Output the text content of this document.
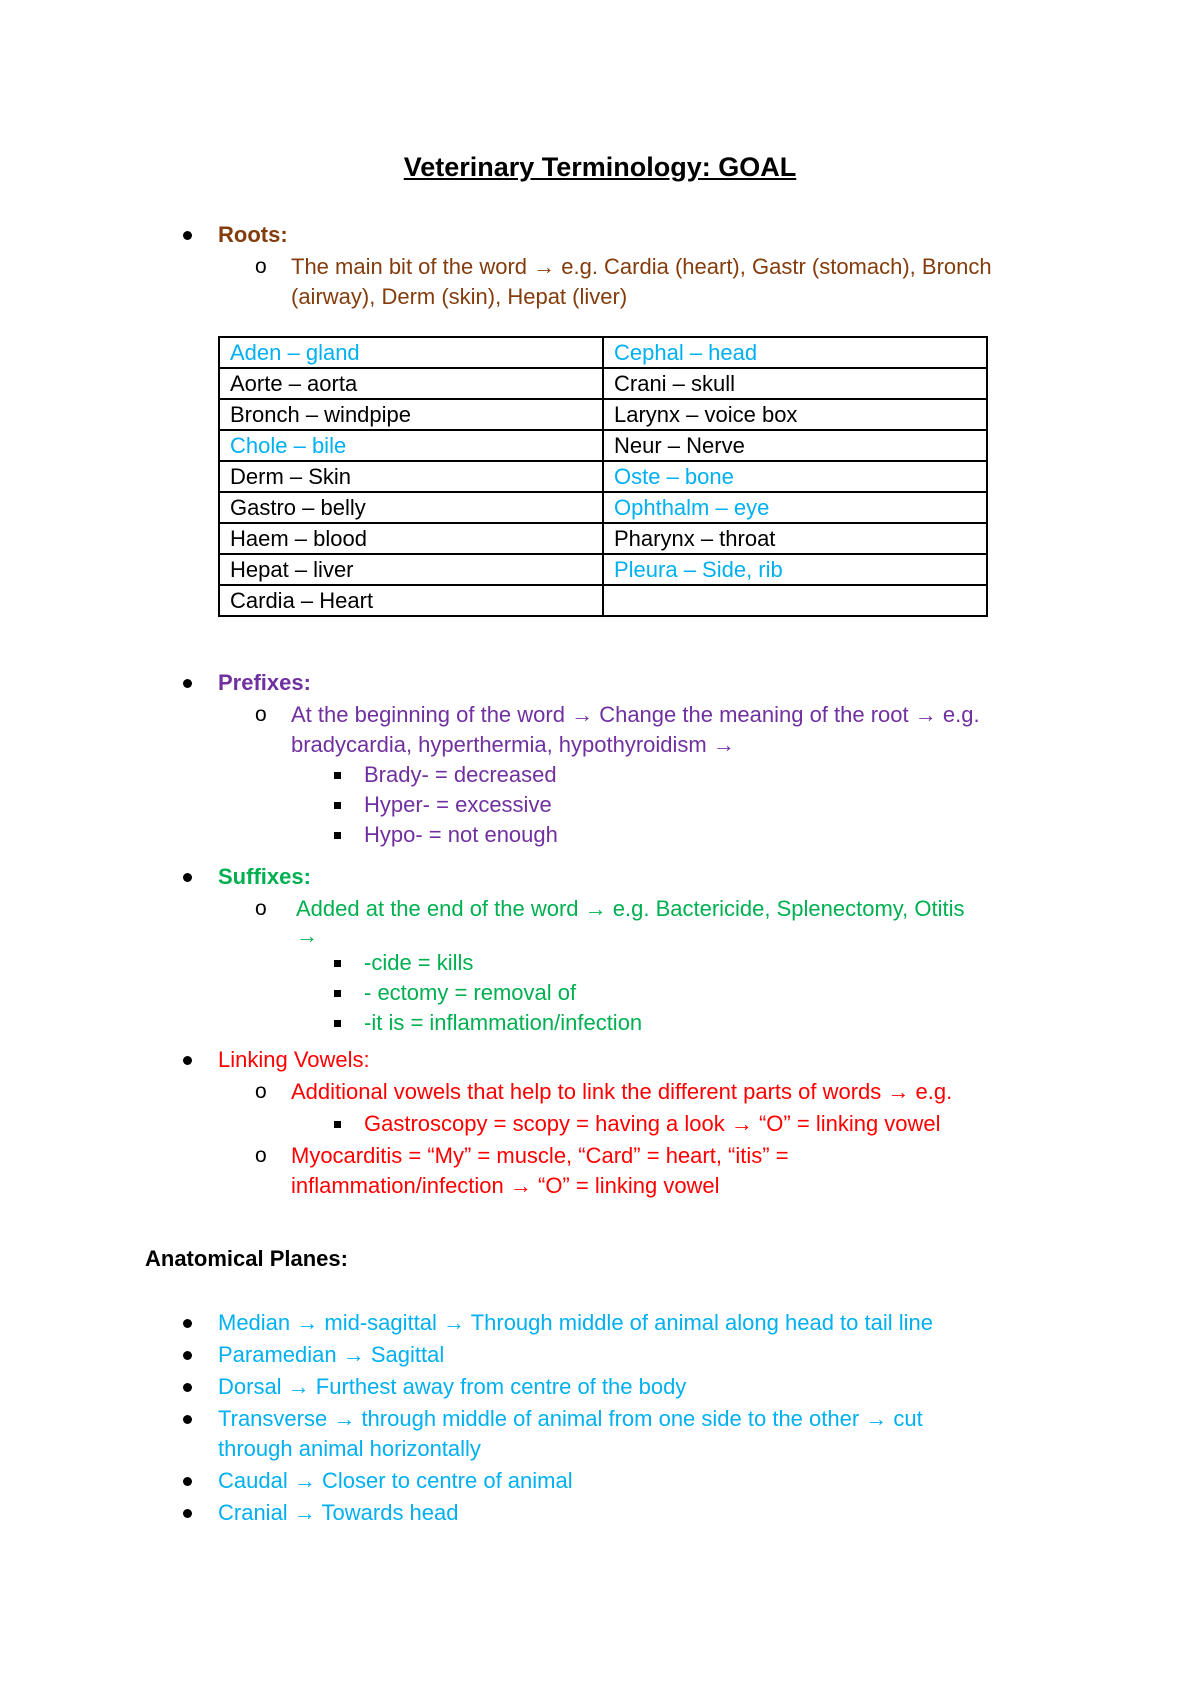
Veterinary Terminology: GOAL
Roots:
o The main bit of the word → e.g. Cardia (heart), Gastr (stomach), Bronch
(airway), Derm (skin), Hepat (liver)
Aden – gland	Cephal – head
Aorte – aorta	Crani – skull
Bronch – windpipe	Larynx – voice box
Chole – bile	Neur – Nerve
Derm – Skin	Oste – bone
Gastro – belly	Ophthalm – eye
Haem – blood	Pharynx – throat
Hepat – liver	Pleura – Side, rib
Cardia – Heart	
Prefixes:
o At the beginning of the word → Change the meaning of the root → e.g.
bradycardia, hyperthermia, hypothyroidism →
Brady- = decreased
Hyper- = excessive
Hypo- = not enough
Suffixes:
o Added at the end of the word → e.g. Bactericide, Splenectomy, Otitis
→
-cide = kills
- ectomy = removal of
-it is = inflammation/infection
Linking Vowels:
o Additional vowels that help to link the different parts of words → e.g.
Gastroscopy = scopy = having a look → “O” = linking vowel
o Myocarditis = “My” = muscle, “Card” = heart, “itis” =
inflammation/infection → “O” = linking vowel
Anatomical Planes:
Median → mid-sagittal → Through middle of animal along head to tail line
Paramedian → Sagittal
Dorsal → Furthest away from centre of the body
Transverse → through middle of animal from one side to the other → cut
through animal horizontally
Caudal → Closer to centre of animal
Cranial → Towards head
